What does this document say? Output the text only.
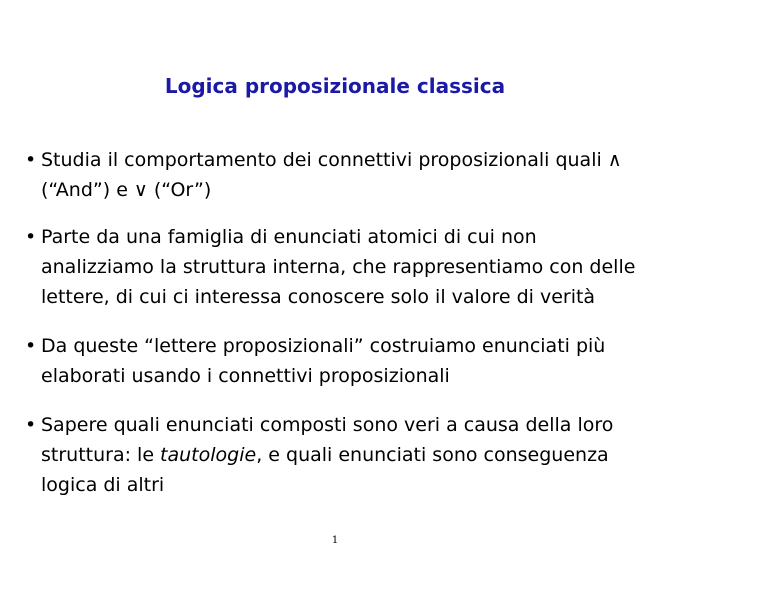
Logica proposizionale classica
• Studia il comportamento dei connettivi proposizionali quali ∧
(“And”) e ∨ (“Or”)
• Parte da una famiglia di enunciati atomici di cui non
analizziamo la struttura interna, che rappresentiamo con delle
lettere, di cui ci interessa conoscere solo il valore di verità
• Da queste “lettere proposizionali” costruiamo enunciati più
elaborati usando i connettivi proposizionali
• Sapere quali enunciati composti sono veri a causa della loro
struttura: le tautologie, e quali enunciati sono conseguenza
logica di altri
1
